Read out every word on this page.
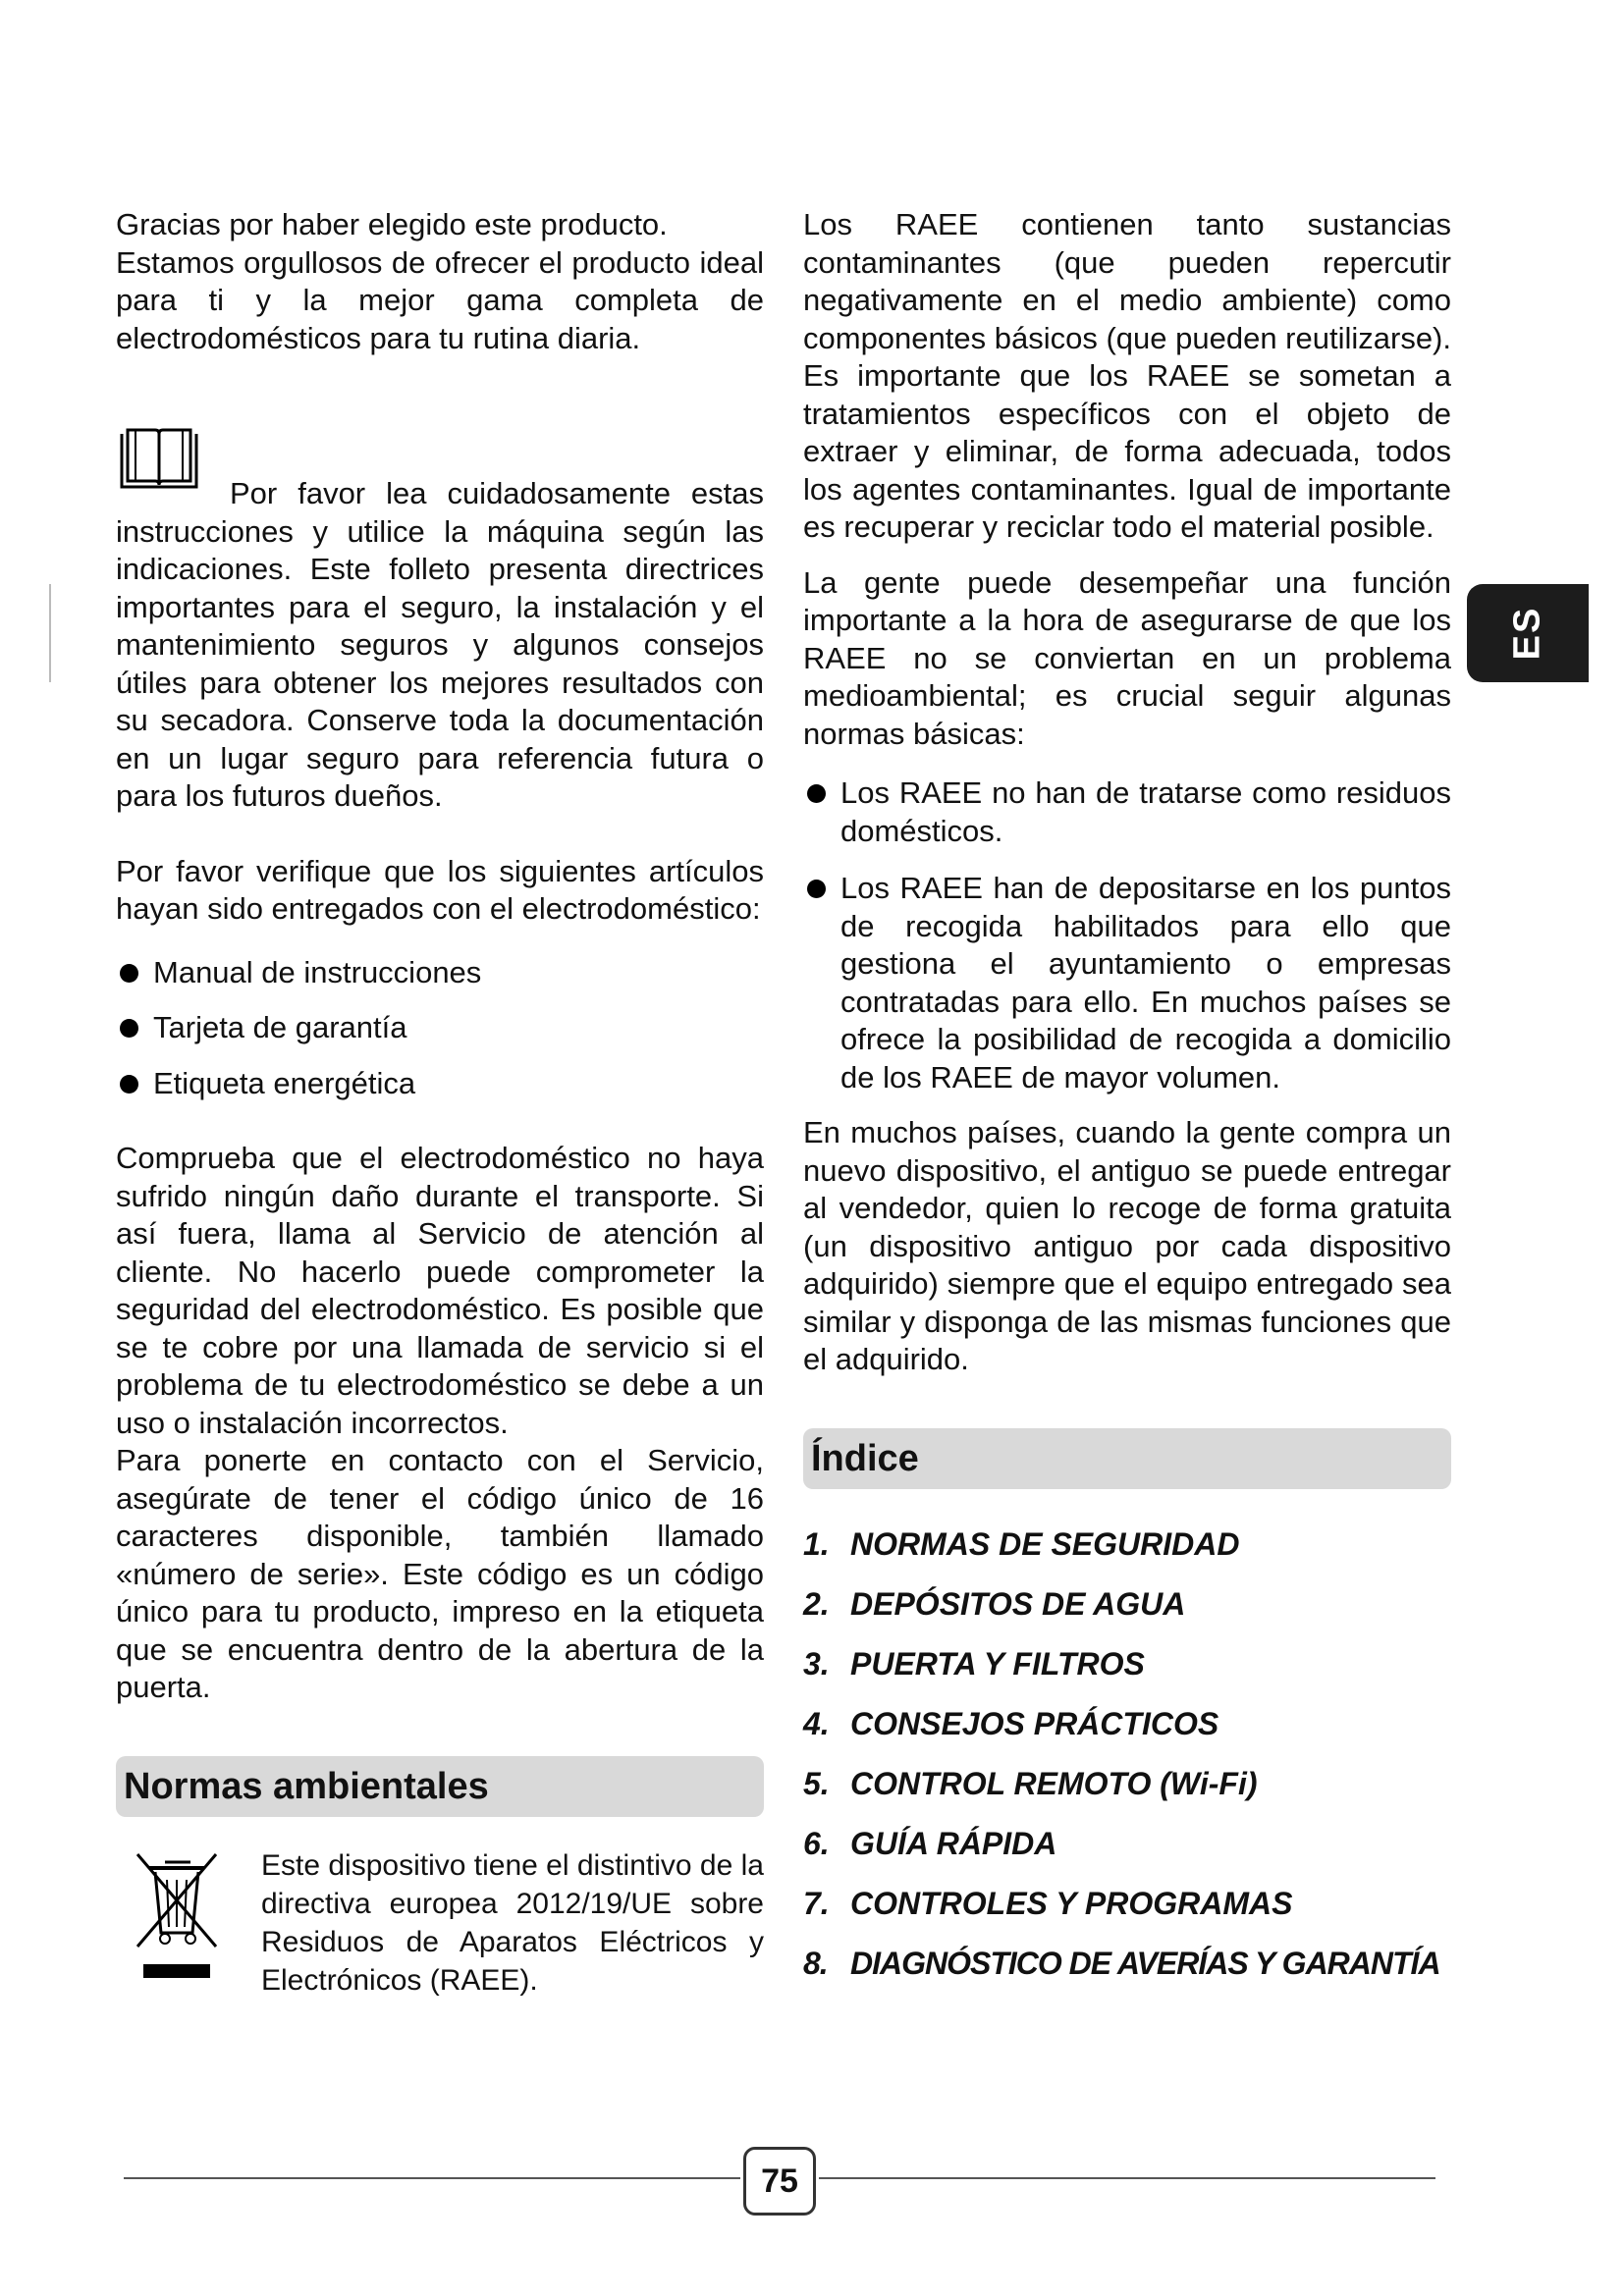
Gracias por haber elegido este producto.

Estamos orgullosos de ofrecer el producto ideal para ti y la mejor gama completa de electrodomésticos para tu rutina diaria.

Por favor lea cuidadosamente estas instrucciones y utilice la máquina según las indicaciones. Este folleto presenta directrices importantes para el seguro, la instalación y el mantenimiento seguros y algunos consejos útiles para obtener los mejores resultados con su secadora. Conserve toda la documentación en un lugar seguro para referencia futura o para los futuros dueños.

Por favor verifique que los siguientes artículos hayan sido entregados con el electrodoméstico:

Manual de instrucciones
Tarjeta de garantía
Etiqueta energética

Comprueba que el electrodoméstico no haya sufrido ningún daño durante el transporte. Si así fuera, llama al Servicio de atención al cliente. No hacerlo puede comprometer la seguridad del electrodoméstico. Es posible que se te cobre por una llamada de servicio si el problema de tu electrodoméstico se debe a un uso o instalación incorrectos.

Para ponerte en contacto con el Servicio, asegúrate de tener el código único de 16 caracteres disponible, también llamado «número de serie». Este código es un código único para tu producto, impreso en la etiqueta que se encuentra dentro de la abertura de la puerta.

Normas ambientales
Este dispositivo tiene el distintivo de la directiva europea 2012/19/UE sobre Residuos de Aparatos Eléctricos y Electrónicos (RAEE).

Los RAEE contienen tanto sustancias contaminantes (que pueden repercutir negativamente en el medio ambiente) como componentes básicos (que pueden reutilizarse). Es importante que los RAEE se sometan a tratamientos específicos con el objeto de extraer y eliminar, de forma adecuada, todos los agentes contaminantes. Igual de importante es recuperar y reciclar todo el material posible.

La gente puede desempeñar una función importante a la hora de asegurarse de que los RAEE no se conviertan en un problema medioambiental; es crucial seguir algunas normas básicas:

Los RAEE no han de tratarse como residuos domésticos.
Los RAEE han de depositarse en los puntos de recogida habilitados para ello que gestiona el ayuntamiento o empresas contratadas para ello. En muchos países se ofrece la posibilidad de recogida a domicilio de los RAEE de mayor volumen.

En muchos países, cuando la gente compra un nuevo dispositivo, el antiguo se puede entregar al vendedor, quien lo recoge de forma gratuita (un dispositivo antiguo por cada dispositivo adquirido) siempre que el equipo entregado sea similar y disponga de las mismas funciones que el adquirido.

Índice
1. NORMAS DE SEGURIDAD
2. DEPÓSITOS DE AGUA
3. PUERTA Y FILTROS
4. CONSEJOS PRÁCTICOS
5. CONTROL REMOTO (Wi-Fi)
6. GUÍA RÁPIDA
7. CONTROLES Y PROGRAMAS
8. DIAGNÓSTICO DE AVERÍAS Y GARANTÍA
ES
75
